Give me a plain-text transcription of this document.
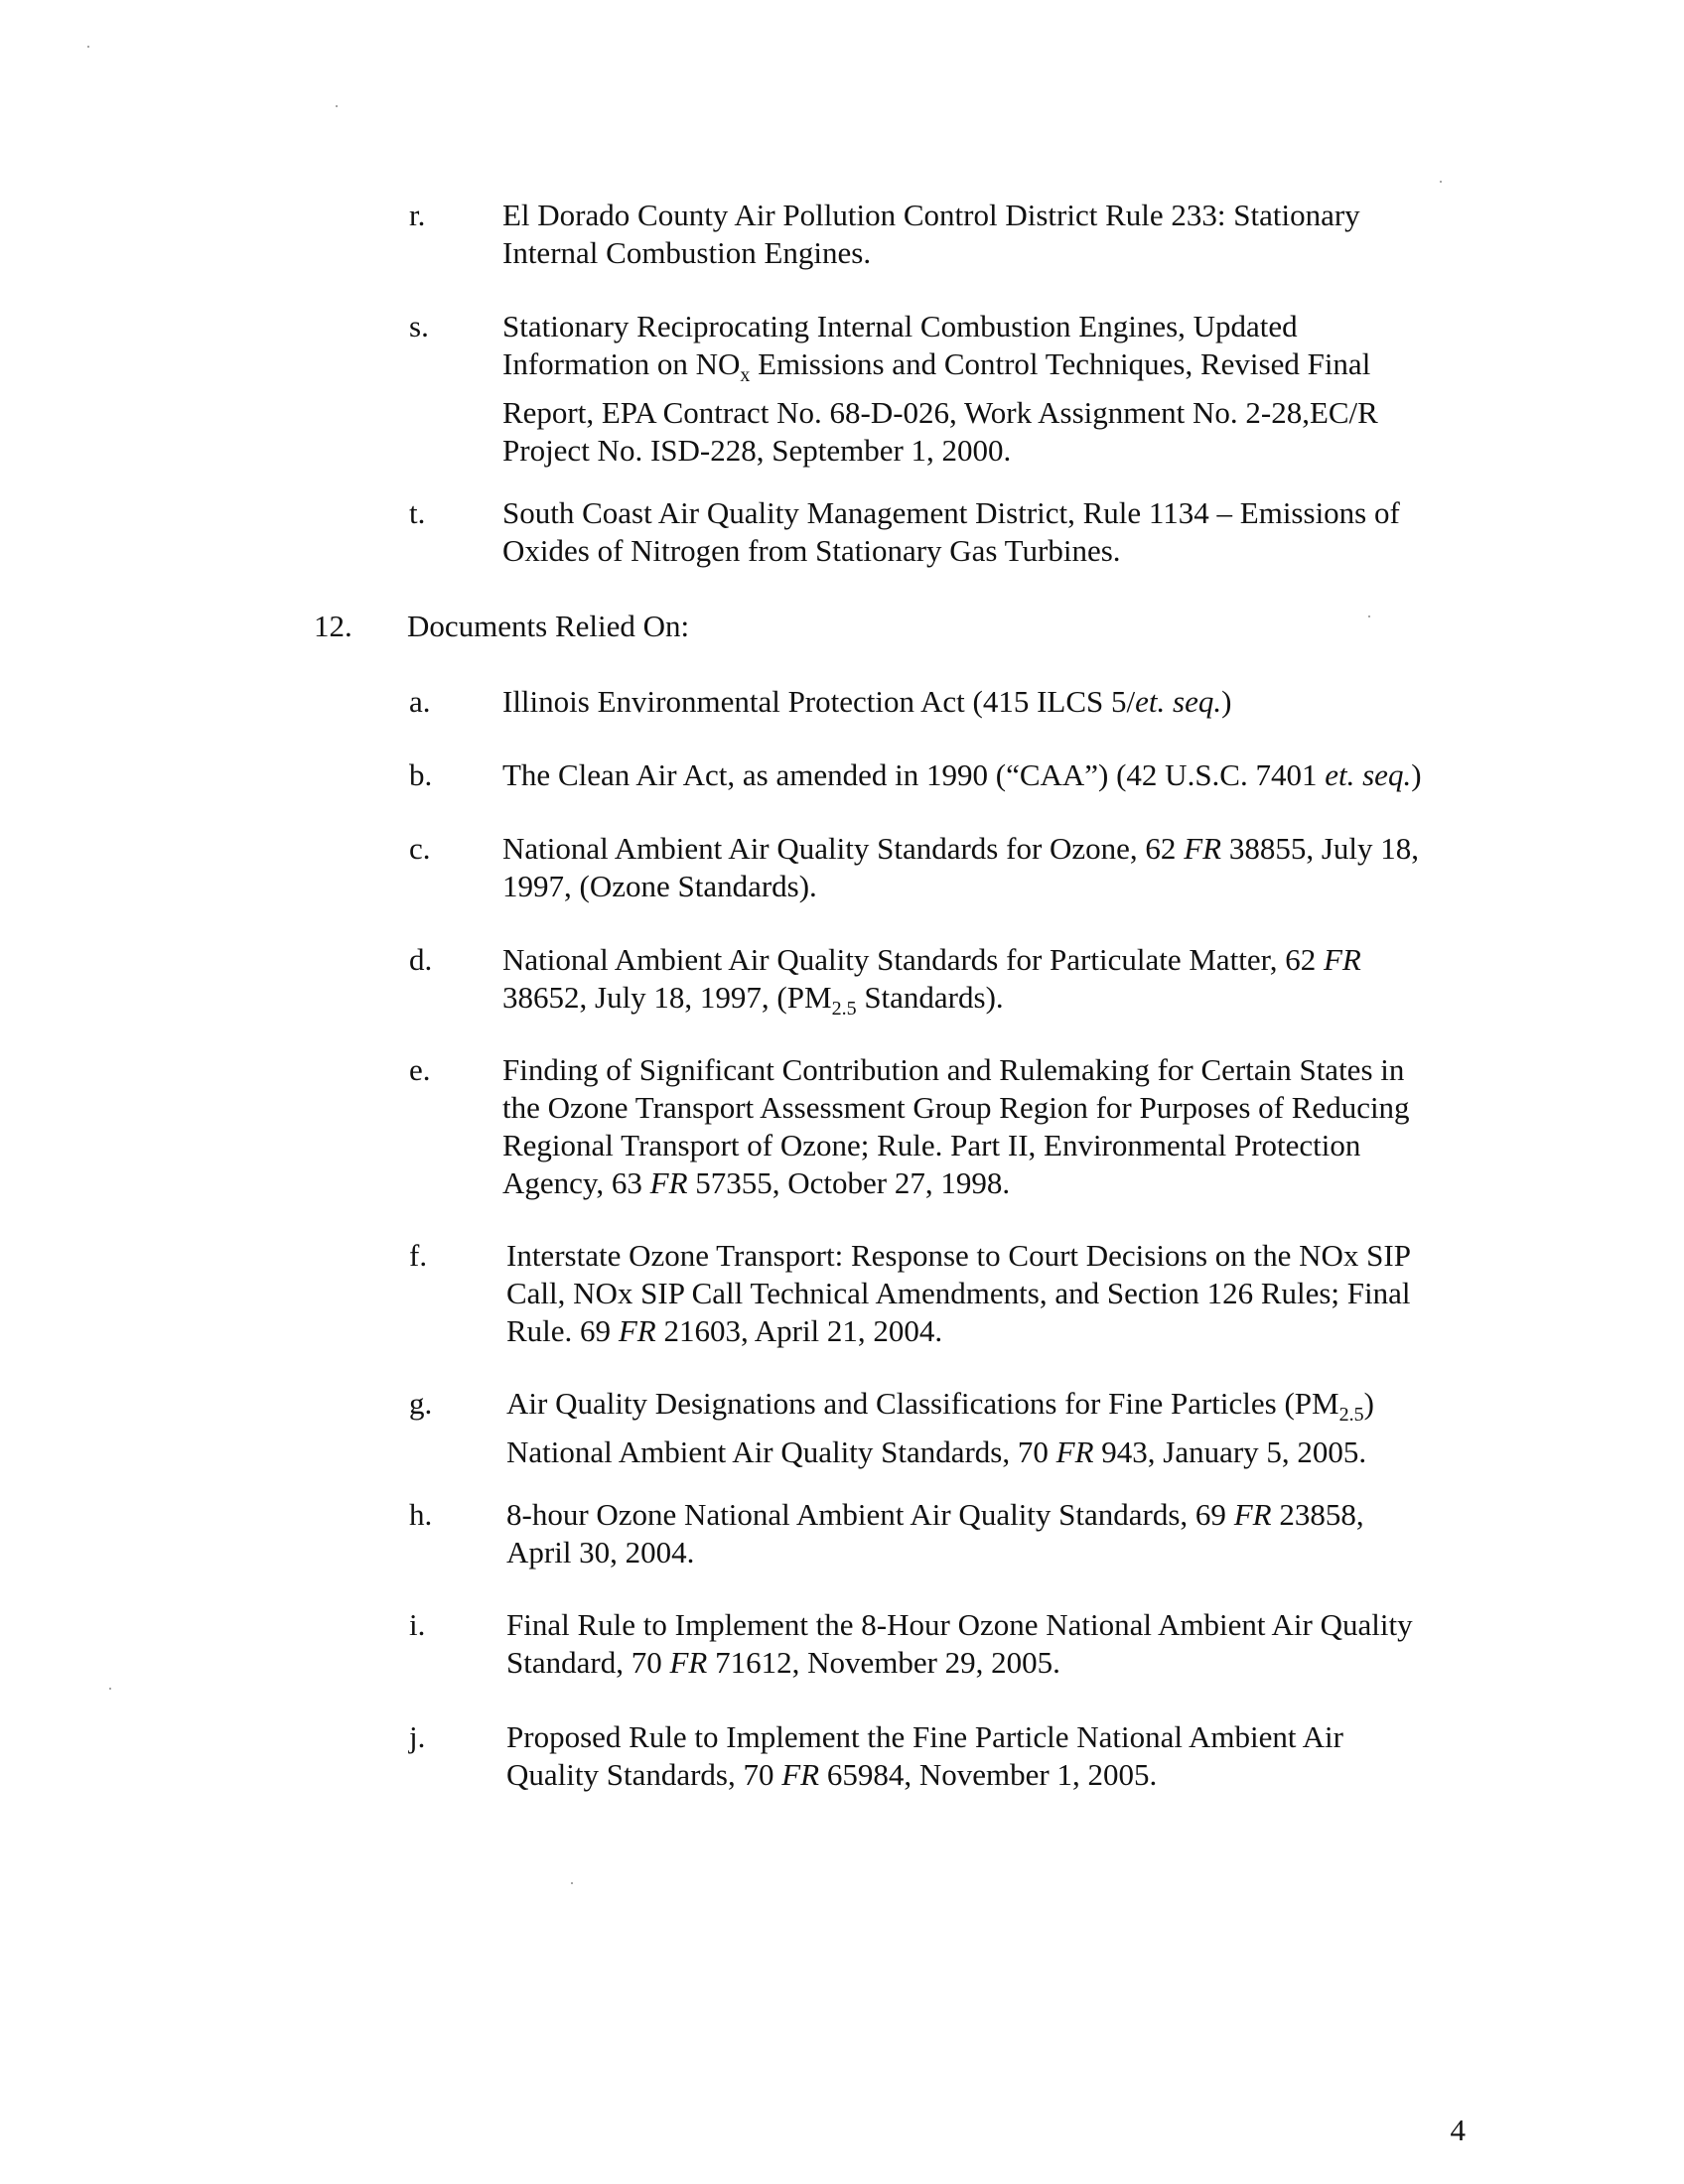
r.	El Dorado County Air Pollution Control District Rule 233: Stationary
Internal Combustion Engines.
s. Stationary Reciprocating Internal Combustion Engines, Updated
Information on $NO_x$ Emissions and Control Techniques, Revised Final
Report, EPA Contract No. 68-D-026, Work Assignment No. 2-28,EC/R
Project No. ISD-228, September 1, 2000.
t.	South Coast Air Quality Management District, Rule 1134 – Emissions of
Oxides of Nitrogen from Stationary Gas Turbines.
12. Documents Relied On:
a. Illinois Environmental Protection Act (415 ILCS 5/et. seq.)
b. The Clean Air Act, as amended in 1990 (“CAA”) (42 U.S.C. 7401 et. seq.)
c. National Ambient Air Quality Standards for Ozone, 62 FR 38855, July 18,
1997, (Ozone Standards).
d. National Ambient Air Quality Standards for Particulate Matter, 62 FR
38652, July 18, 1997, ($PM_{2.5}$ Standards).
e. Finding of Significant Contribution and Rulemaking for Certain States in
the Ozone Transport Assessment Group Region for Purposes of Reducing
Regional Transport of Ozone; Rule. Part II, Environmental Protection
Agency, 63 FR 57355, October 27, 1998.
f.	Interstate Ozone Transport: Response to Court Decisions on the NOx SIP
Call, NOx SIP Call Technical Amendments, and Section 126 Rules; Final
Rule. 69 FR 21603, April 21, 2004.
g. Air Quality Designations and Classifications for Fine Particles $(PM_{2.5})$
National Ambient Air Quality Standards, 70 FR 943, January 5, 2005.
h. 8-hour Ozone National Ambient Air Quality Standards, 69 FR 23858,
April 30, 2004.
i.	Final Rule to Implement the 8-Hour Ozone National Ambient Air Quality
Standard, 70 FR 71612, November 29, 2005.
j.	Proposed Rule to Implement the Fine Particle National Ambient Air
Quality Standards, 70 FR 65984, November 1, 2005.
4
